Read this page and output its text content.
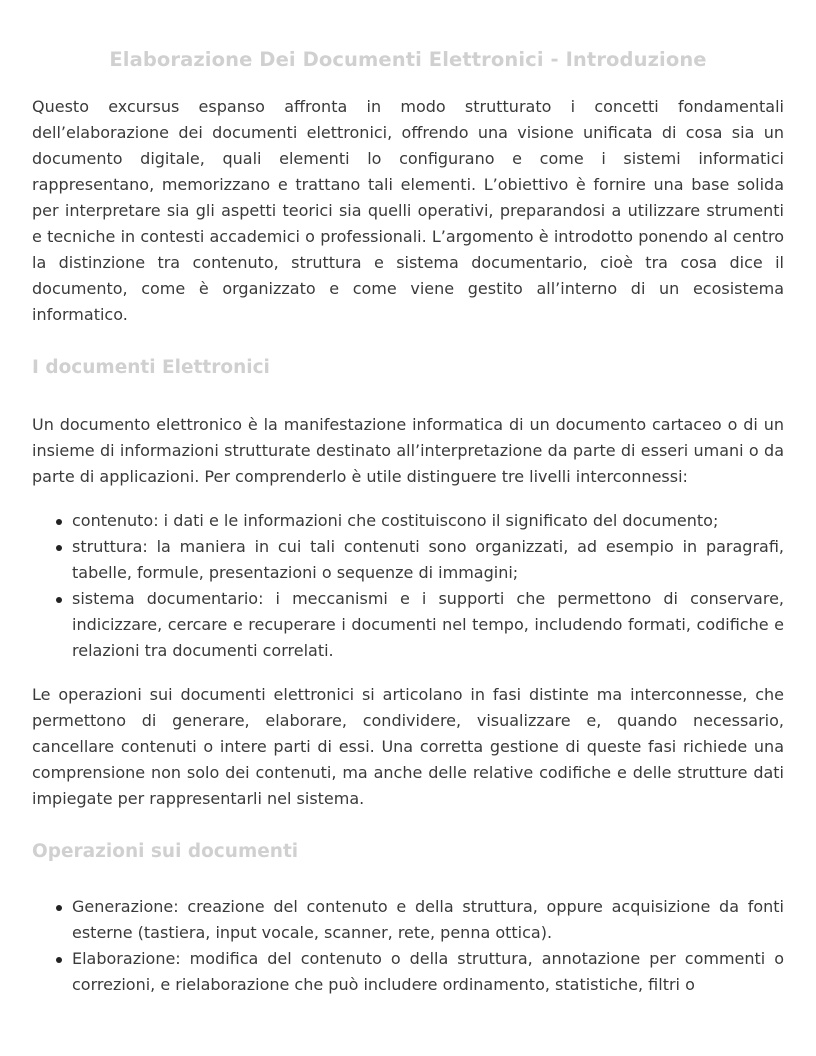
Elaborazione Dei Documenti Elettronici - Introduzione

Questo excursus espanso affronta in modo strutturato i concetti fondamentali dell’elaborazione dei documenti elettronici, offrendo una visione unificata di cosa sia un documento digitale, quali elementi lo configurano e come i sistemi informatici rappresentano, memorizzano e trattano tali elementi. L’obiettivo è fornire una base solida per interpretare sia gli aspetti teorici sia quelli operativi, preparandosi a utilizzare strumenti e tecniche in contesti accademici o professionali. L’argomento è introdotto ponendo al centro la distinzione tra contenuto, struttura e sistema documentario, cioè tra cosa dice il documento, come è organizzato e come viene gestito all’interno di un ecosistema informatico.

I documenti Elettronici

Un documento elettronico è la manifestazione informatica di un documento cartaceo o di un insieme di informazioni strutturate destinato all’interpretazione da parte di esseri umani o da parte di applicazioni. Per comprenderlo è utile distinguere tre livelli interconnessi:

contenuto: i dati e le informazioni che costituiscono il significato del documento;
struttura: la maniera in cui tali contenuti sono organizzati, ad esempio in paragrafi, tabelle, formule, presentazioni o sequenze di immagini;
sistema documentario: i meccanismi e i supporti che permettono di conservare, indicizzare, cercare e recuperare i documenti nel tempo, includendo formati, codifiche e relazioni tra documenti correlati.

Le operazioni sui documenti elettronici si articolano in fasi distinte ma interconnesse, che permettono di generare, elaborare, condividere, visualizzare e, quando necessario, cancellare contenuti o intere parti di essi. Una corretta gestione di queste fasi richiede una comprensione non solo dei contenuti, ma anche delle relative codifiche e delle strutture dati impiegate per rappresentarli nel sistema.

Operazioni sui documenti
Generazione: creazione del contenuto e della struttura, oppure acquisizione da fonti esterne (tastiera, input vocale, scanner, rete, penna ottica).
Elaborazione: modifica del contenuto o della struttura, annotazione per commenti o correzioni, e rielaborazione che può includere ordinamento, statistiche, filtri o
